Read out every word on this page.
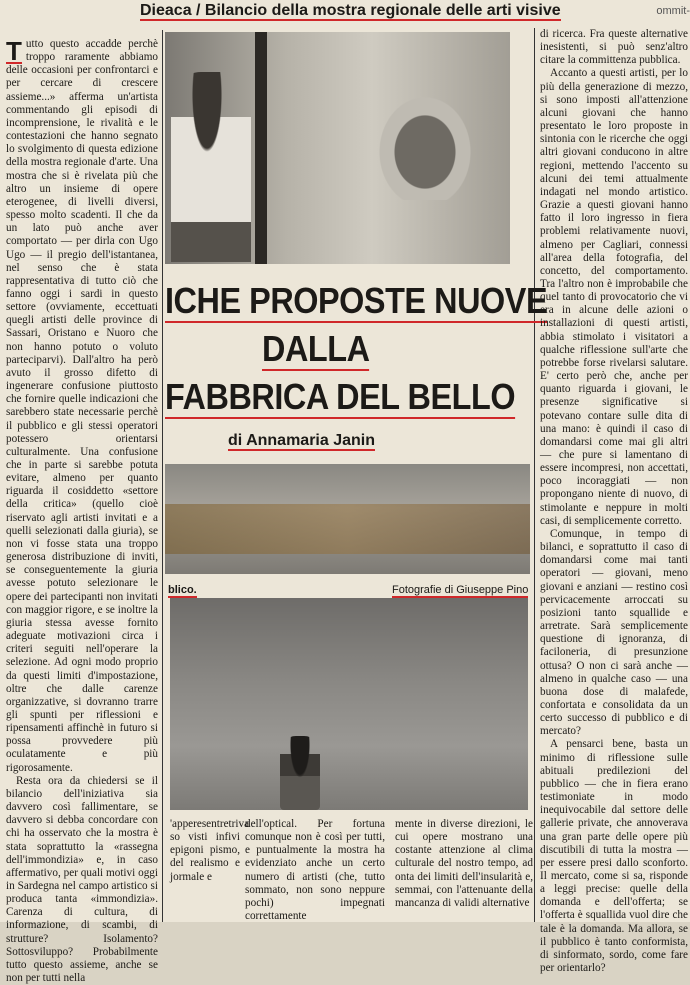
Dieaca / Bilancio della mostra regionale delle arti visive	ommit-

T utto questo accadde perchè troppo raramente abbiamo delle occasioni per confrontarci e per cercare di crescere assieme...» afferma un'artista commentando gli episodi di incomprensione, le rivalità e le contestazioni che hanno segnato lo svolgimento di questa edizione della mostra regionale d'arte. Una mostra che si è rivelata più che altro un insieme di opere eterogenee, di livelli diversi, spesso molto scadenti. Il che da un lato può anche aver comportato — per dirla con Ugo Ugo — il pregio dell'istantanea, nel senso che è stata rappresentativa di tutto ciò che fanno oggi i sardi in questo settore (ovviamente, eccettuati quegli artisti delle province di Sassari, Oristano e Nuoro che non hanno potuto o voluto parteciparvi). Dall'altro ha però avuto il grosso difetto di ingenerare confusione piuttosto che fornire quelle indicazioni che sarebbero state necessarie perchè il pubblico e gli stessi operatori potessero orientarsi culturalmente. Una confusione che in parte si sarebbe potuta evitare, almeno per quanto riguarda il cosiddetto «settore della critica» (quello cioè riservato agli artisti invitati e a quelli selezionati dalla giuria), se non vi fosse stata una troppo generosa distribuzione di inviti, se conseguentemente la giuria avesse potuto selezionare le opere dei partecipanti non invitati con maggior rigore, e se inoltre la giuria stessa avesse fornito adeguate motivazioni circa i criteri seguiti nell'operare la selezione. Ad ogni modo proprio da questi limiti d'impostazione, oltre che dalle carenze organizzative, si dovranno trarre gli spunti per riflessioni e ripensamenti affinchè in futuro si possa provvedere più oculatamente e più rigorosamente.

Resta ora da chiedersi se il bilancio dell'iniziativa sia davvero così fallimentare, se davvero si debba concordare con chi ha osservato che la mostra è stata soprattutto la «rassegna dell'immondizia» e, in caso affermativo, per quali motivi oggi in Sardegna nel campo artistico si produca tanta «immondizia». Carenza di cultura, di informazione, di scambi, di strutture? Isolamento? Sottosviluppo? Probabilmente tutto questo assieme, anche se non per tutti nella

ICHE PROPOSTE NUOVE
DALLA
FABBRICA DEL BELLO
di Annamaria Janin
blico.	Fotografie di Giuseppe Pino

'apperesentretriva so visti infivi epigoni pismo, del realismo e jormale e

dell'optical. Per fortuna comunque non è così per tutti, e puntualmente la mostra ha evidenziato anche un certo numero di artisti (che, tutto sommato, non sono neppure pochi) impegnati correttamente

mente in diverse direzioni, le cui opere mostrano una costante attenzione al clima culturale del nostro tempo, ad onta dei limiti dell'insularità e, semmai, con l'attenuante della mancanza di validi alternative

di ricerca. Fra queste alternative inesistenti, si può senz'altro citare la committenza pubblica.

Accanto a questi artisti, per lo più della generazione di mezzo, si sono imposti all'attenzione alcuni giovani che hanno presentato le loro proposte in sintonia con le ricerche che oggi altri giovani conducono in altre regioni, mettendo l'accento su alcuni dei temi attualmente indagati nel mondo artistico. Grazie a questi giovani hanno fatto il loro ingresso in fiera problemi relativamente nuovi, almeno per Cagliari, connessi all'area della fotografia, del concetto, del comportamento. Tra l'altro non è improbabile che quel tanto di provocatorio che vi era in alcune delle azioni o installazioni di questi artisti, abbia stimolato i visitatori a qualche riflessione sull'arte che potrebbe forse rivelarsi salutare. E' certo però che, anche per quanto riguarda i giovani, le presenze significative si potevano contare sulle dita di una mano: è quindi il caso di domandarsi come mai gli altri — che pure si lamentano di essere incompresi, non accettati, poco incoraggiati — non propongano niente di nuovo, di stimolante e neppure in molti casi, di semplicemente corretto.

Comunque, in tempo di bilanci, e soprattutto il caso di domandarsi come mai tanti operatori — giovani, meno giovani e anziani — restino così pervicacemente arroccati su posizioni tanto squallide e arretrate. Sarà semplicemente questione di ignoranza, di faciloneria, di presunzione ottusa? O non ci sarà anche — almeno in qualche caso — una buona dose di malafede, confortata e consolidata da un certo successo di pubblico e di mercato?

A pensarci bene, basta un minimo di riflessione sulle abituali predilezioni del pubblico — che in fiera erano testimoniate in modo inequivocabile dal settore delle gallerie private, che annoverava una gran parte delle opere più discutibili di tutta la mostra — per essere presi dallo sconforto. Il mercato, come si sa, risponde a leggi precise: quelle della domanda e dell'offerta; se l'offerta è squallida vuol dire che tale è la domanda. Ma allora, se il pubblico è tanto conformista, di sinformato, sordo, come fare per orientarlo?
